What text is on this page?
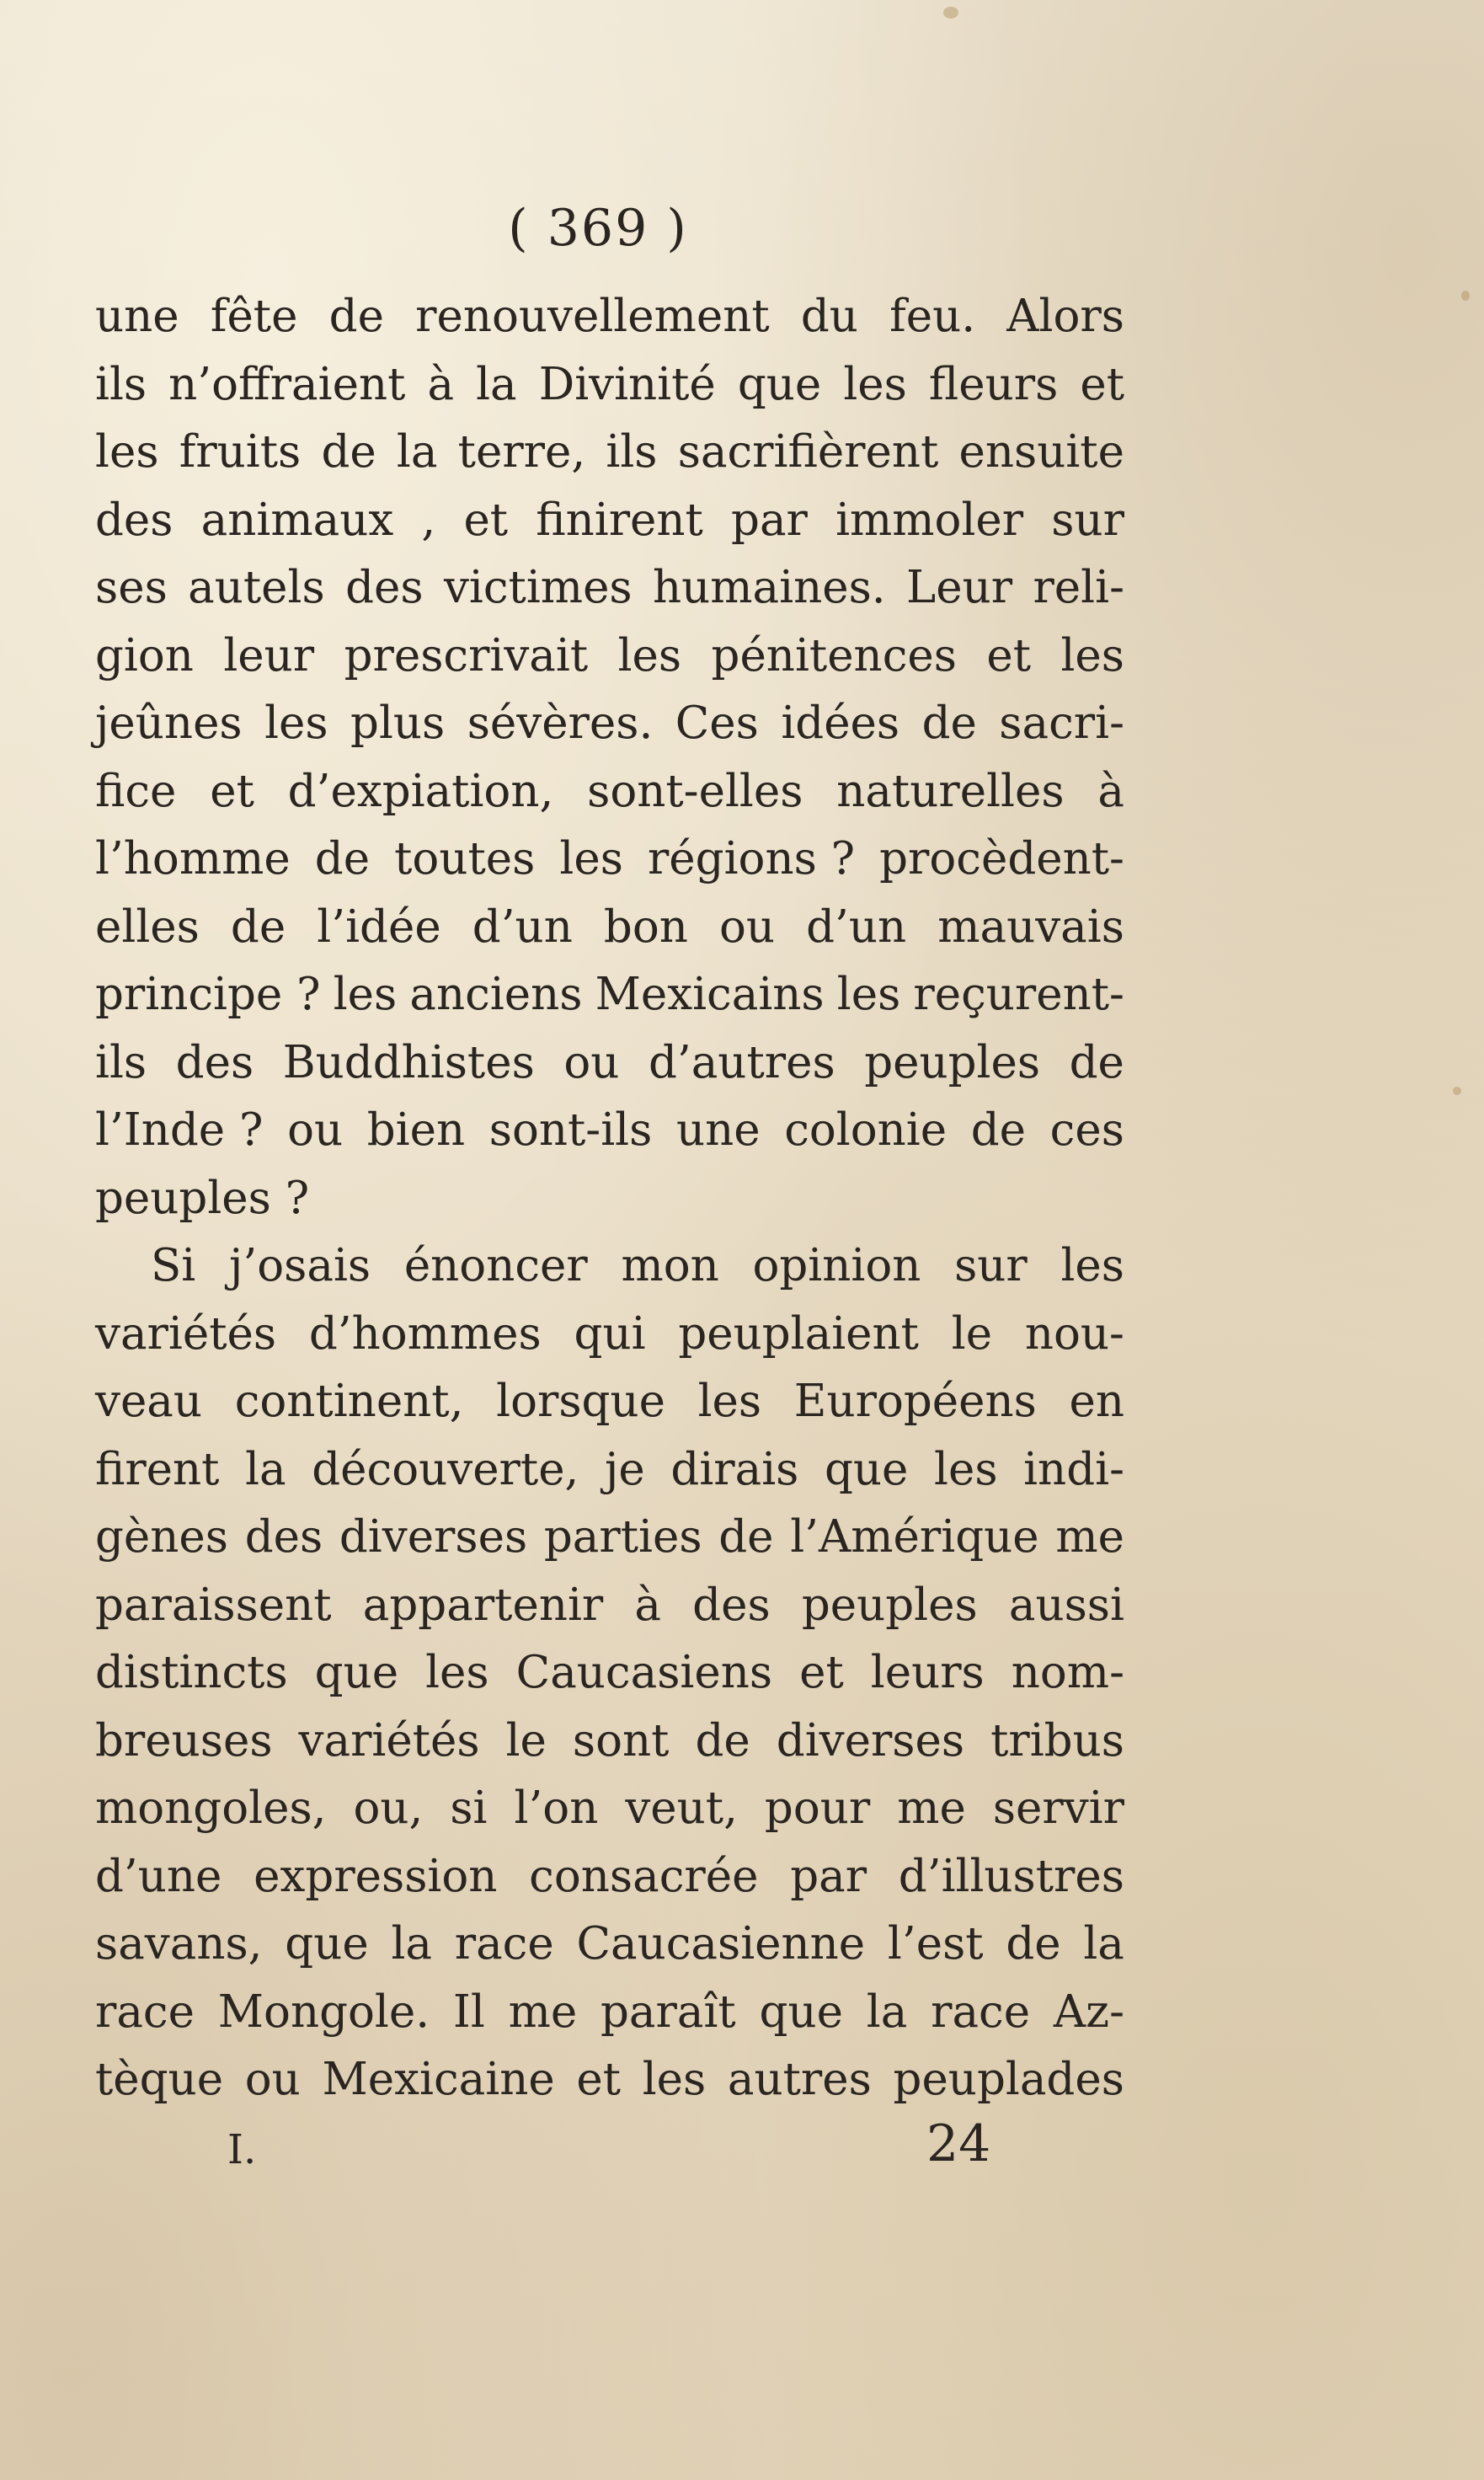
( 369 )
une fête de renouvellement du feu. Alors
ils n’offraient à la Divinité que les fleurs et
les fruits de la terre, ils sacrifièrent ensuite
des animaux , et finirent par immoler sur
ses autels des victimes humaines. Leur reli-
gion leur prescrivait les pénitences et les
jeûnes les plus sévères. Ces idées de sacri-
fice et d’expiation, sont-elles naturelles à
l’homme de toutes les régions ? procèdent-
elles de l’idée d’un bon ou d’un mauvais
principe ? les anciens Mexicains les reçurent-
ils des Buddhistes ou d’autres peuples de
l’Inde ? ou bien sont-ils une colonie de ces
peuples ?
Si j’osais énoncer mon opinion sur les
variétés d’hommes qui peuplaient le nou-
veau continent, lorsque les Européens en
firent la découverte, je dirais que les indi-
gènes des diverses parties de l’Amérique me
paraissent appartenir à des peuples aussi
distincts que les Caucasiens et leurs nom-
breuses variétés le sont de diverses tribus
mongoles, ou, si l’on veut, pour me servir
d’une expression consacrée par d’illustres
savans, que la race Caucasienne l’est de la
race Mongole. Il me paraît que la race Az-
tèque ou Mexicaine et les autres peuplades
I.	24
